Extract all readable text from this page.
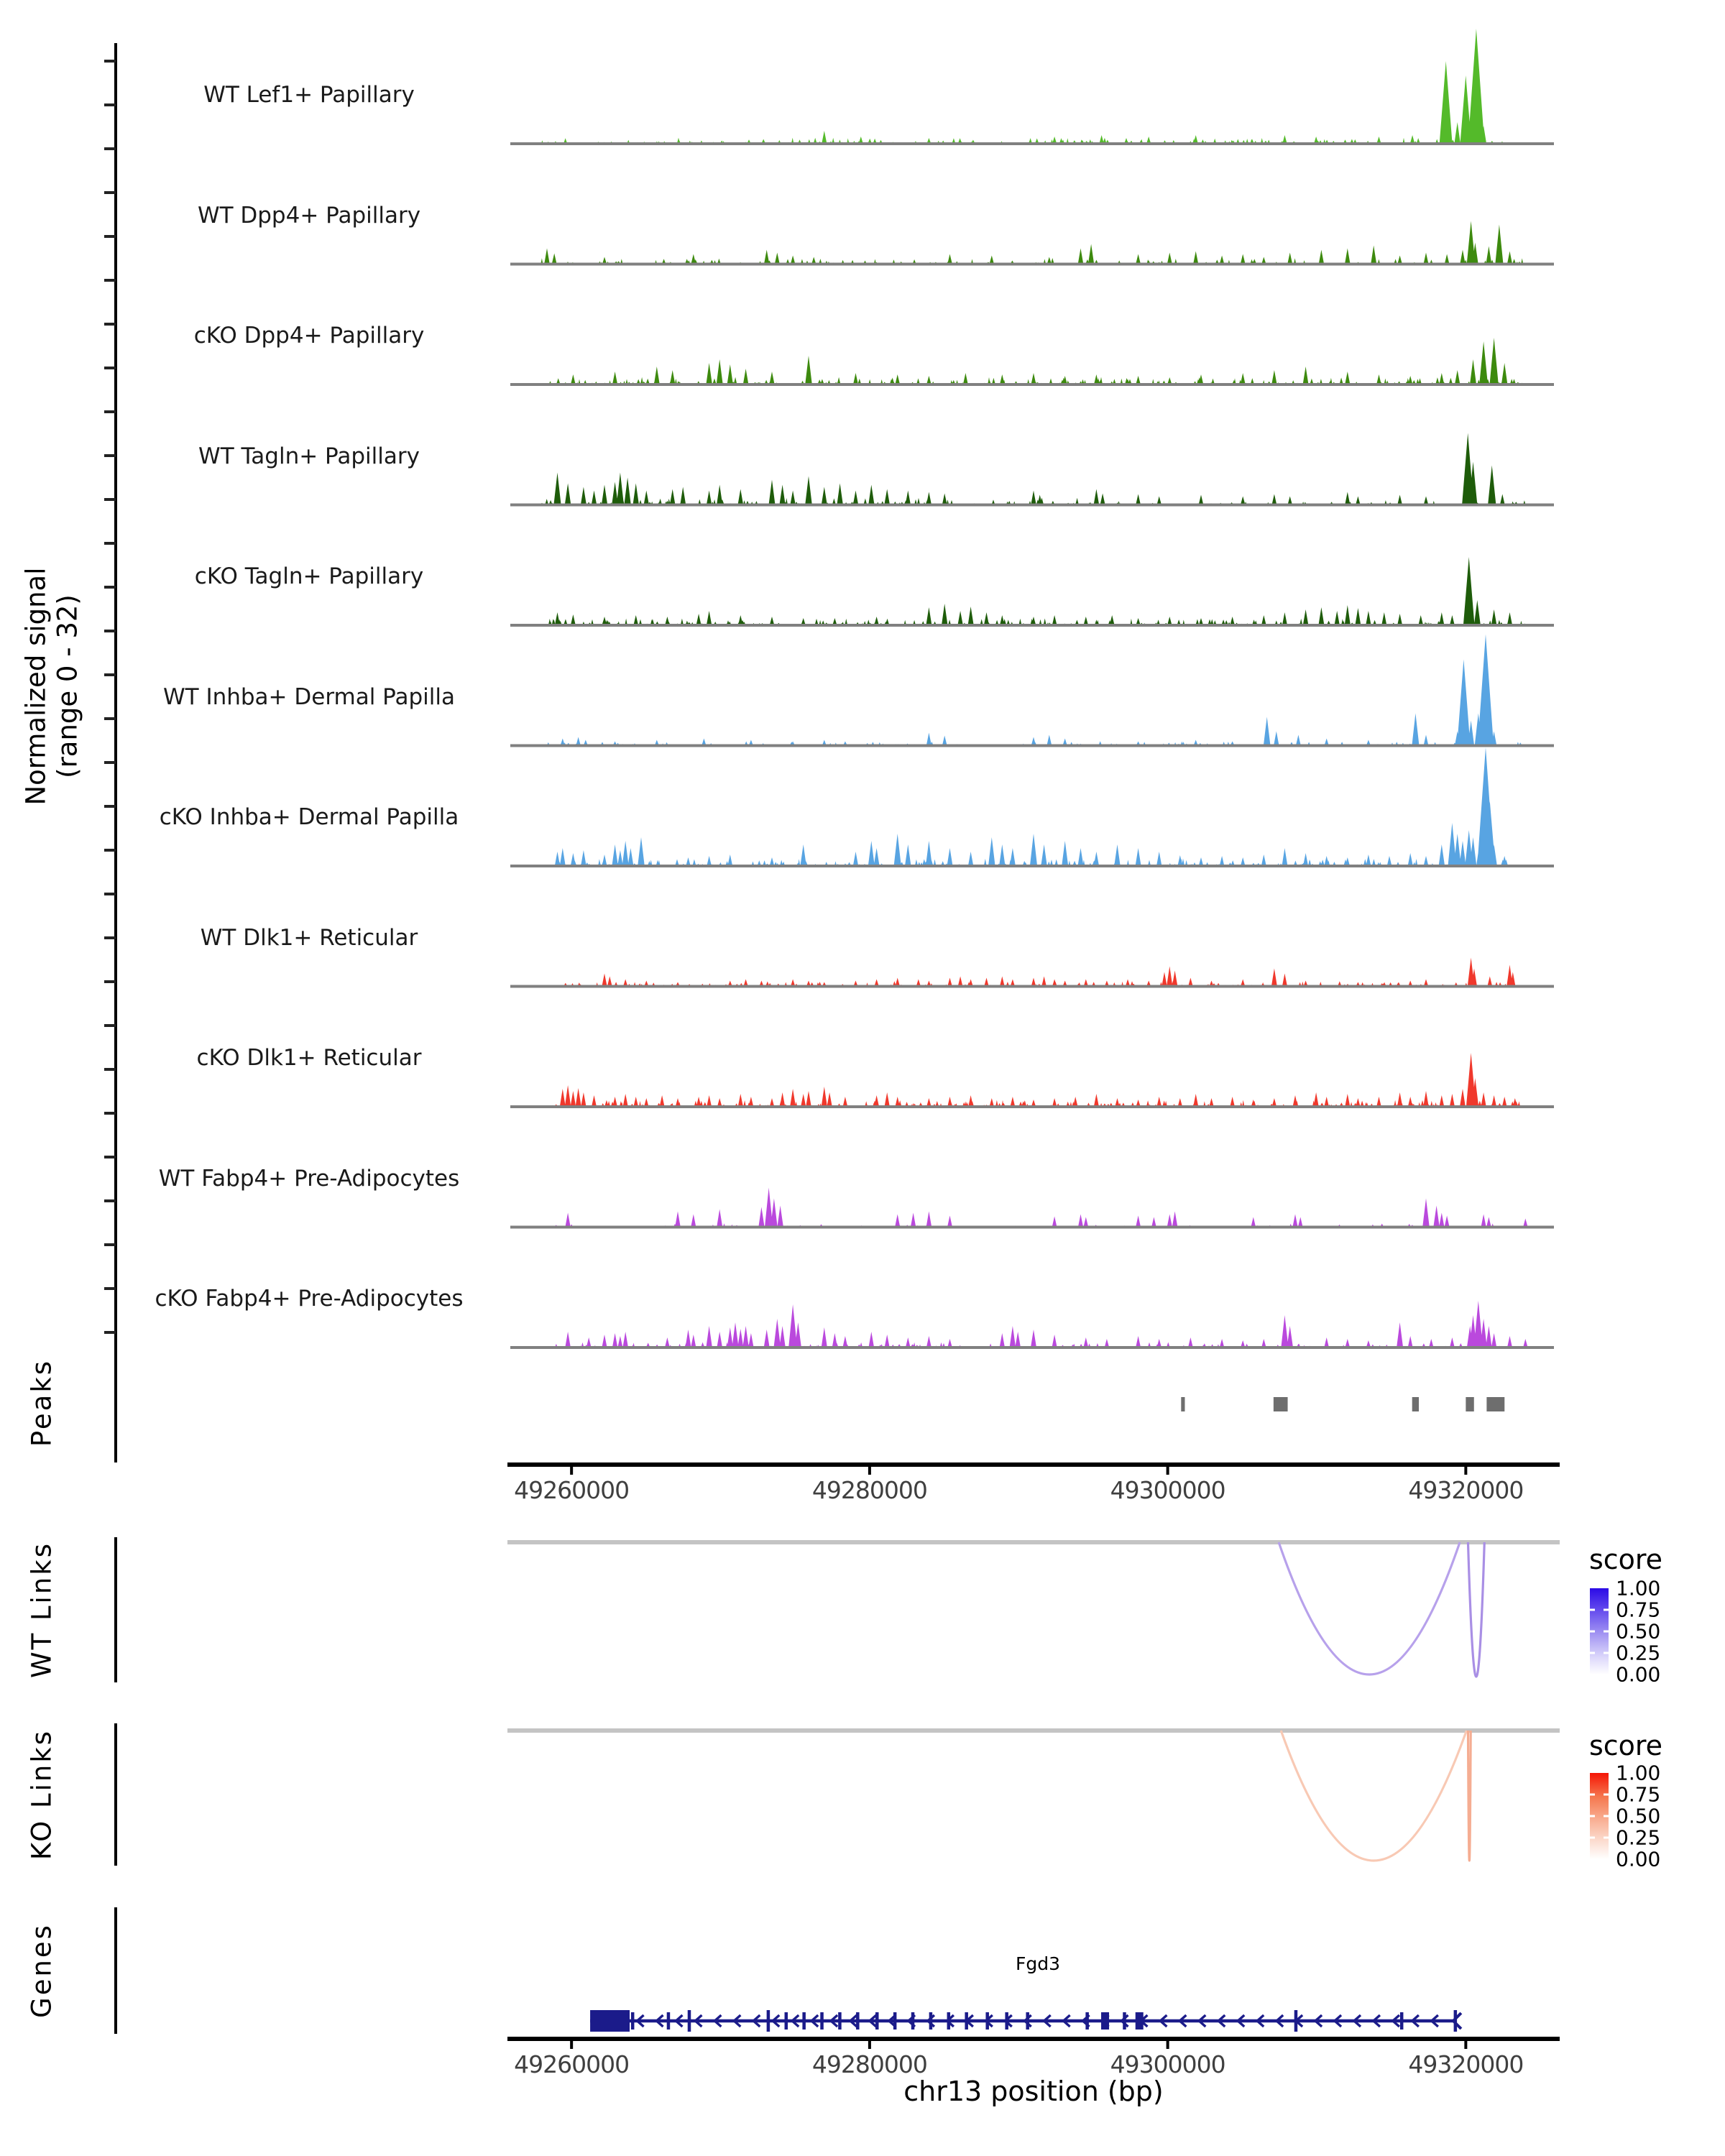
Normalized signal
(range 0 - 32)
Peaks
WT Links
KO Links
Genes
score
score
Fgd3
chr13 position (bp)
WT Lef1+ Papillary
WT Dpp4+ Papillary
cKO Dpp4+ Papillary
WT Tagln+ Papillary
cKO Tagln+ Papillary
WT Inhba+ Dermal Papilla
cKO Inhba+ Dermal Papilla
WT Dlk1+ Reticular
cKO Dlk1+ Reticular
WT Fabp4+ Pre-Adipocytes
cKO Fabp4+ Pre-Adipocytes
49260000	49280000	49300000	49320000
49260000	49280000	49300000	49320000
1.00
0.75
0.50
0.25
0.00
1.00
0.75
0.50
0.25
0.00
